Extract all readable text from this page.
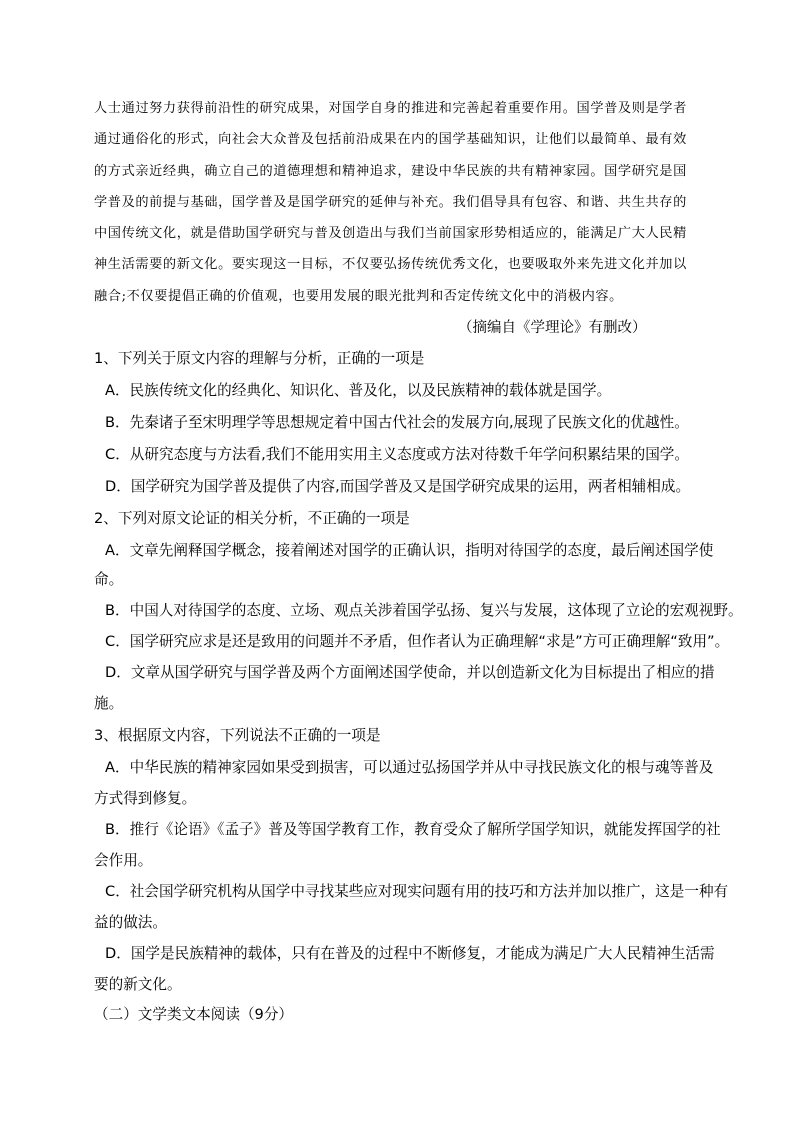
人士通过努力获得前沿性的研究成果，对国学自身的推进和完善起着重要作用。国学普及则是学者

通过通俗化的形式，向社会大众普及包括前沿成果在内的国学基础知识，让他们以最简单、最有效

的方式亲近经典，确立自己的道德理想和精神追求，建设中华民族的共有精神家园。国学研究是国

学普及的前提与基础，国学普及是国学研究的延伸与补充。我们倡导具有包容、和谐、共生共存的

中国传统文化，就是借助国学研究与普及创造出与我们当前国家形势相适应的，能满足广大人民精

神生活需要的新文化。要实现这一目标，不仅要弘扬传统优秀文化，也要吸取外来先进文化并加以

融合;不仅要提倡正确的价值观，也要用发展的眼光批判和否定传统文化中的消极内容。

（摘编自《学理论》有删改）
1、下列关于原文内容的理解与分析，正确的一项是
A．民族传统文化的经典化、知识化、普及化，以及民族精神的载体就是国学。
B．先秦诸子至宋明理学等思想规定着中国古代社会的发展方向,展现了民族文化的优越性。
C．从研究态度与方法看,我们不能用实用主义态度或方法对待数千年学问积累结果的国学。
D．国学研究为国学普及提供了内容,而国学普及又是国学研究成果的运用，两者相辅相成。
2、下列对原文论证的相关分析，不正确的一项是
A．文章先阐释国学概念，接着阐述对国学的正确认识，指明对待国学的态度，最后阐述国学使
命。
B．中国人对待国学的态度、立场、观点关涉着国学弘扬、复兴与发展，这体现了立论的宏观视野。
C．国学研究应求是还是致用的问题并不矛盾，但作者认为正确理解“求是”方可正确理解“致用”。
D．文章从国学研究与国学普及两个方面阐述国学使命，并以创造新文化为目标提出了相应的措
施。
3、根据原文内容，下列说法不正确的一项是
A．中华民族的精神家园如果受到损害，可以通过弘扬国学并从中寻找民族文化的根与魂等普及
方式得到修复。
B．推行《论语》《孟子》普及等国学教育工作，教育受众了解所学国学知识，就能发挥国学的社
会作用。
C．社会国学研究机构从国学中寻找某些应对现实问题有用的技巧和方法并加以推广，这是一种有
益的做法。
D．国学是民族精神的载体，只有在普及的过程中不断修复，才能成为满足广大人民精神生活需
要的新文化。
（二）文学类文本阅读（9分）
